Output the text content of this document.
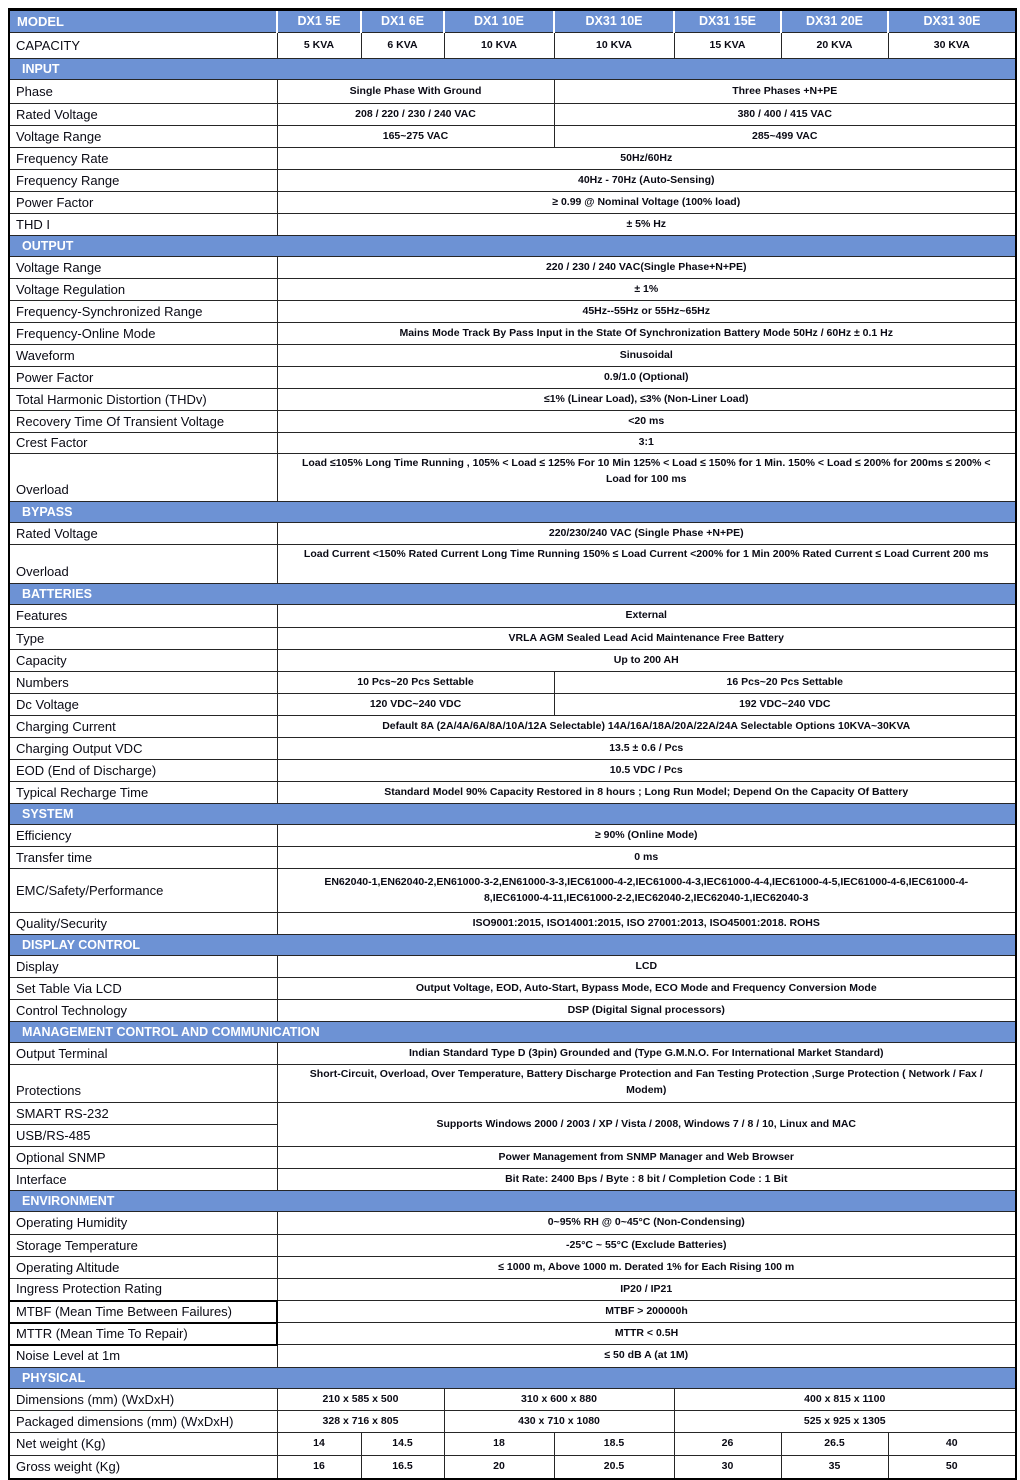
MODEL	DX1 5E	DX1 6E	DX1 10E	DX31 10E	DX31 15E	DX31 20E	DX31 30E
CAPACITY	5 KVA	6 KVA	10 KVA	10 KVA	15 KVA	20 KVA	30 KVA
INPUT							
Phase	Single Phase With Ground			Three Phases +N+PE			
Rated Voltage	208 / 220 / 230 / 240 VAC			380 / 400 / 415 VAC			
Voltage Range	165~275 VAC			285~499 VAC			
Frequency Rate	50Hz/60Hz						
Frequency Range	40Hz - 70Hz (Auto-Sensing)						
Power Factor	≥ 0.99 @ Nominal Voltage (100% load)						
THD I	± 5% Hz						
OUTPUT							
Voltage Range	220 / 230 / 240 VAC(Single Phase+N+PE)						
Voltage Regulation	± 1%						
Frequency-Synchronized Range	45Hz--55Hz or 55Hz~65Hz						
Frequency-Online Mode	Mains Mode Track By Pass Input in the State Of Synchronization Battery Mode 50Hz / 60Hz ± 0.1 Hz						
Waveform	Sinusoidal						
Power Factor	0.9/1.0 (Optional)						
Total Harmonic Distortion (THDv)	≤1% (Linear Load), ≤3% (Non-Liner Load)						
Recovery Time Of Transient Voltage	<20 ms						
Crest Factor	3:1						
Overload	Load ≤105% Long Time Running , 105% < Load ≤ 125% For 10 Min 125% < Load ≤ 150% for 1 Min. 150% < Load ≤ 200% for 200ms ≤ 200% < Load for 100 ms						
BYPASS							
Rated Voltage	220/230/240 VAC (Single Phase +N+PE)						
Overload	Load Current <150% Rated Current Long Time Running 150% ≤ Load Current <200% for 1 Min 200% Rated Current ≤ Load Current 200 ms						
BATTERIES							
Features	External						
Type	VRLA AGM Sealed Lead Acid Maintenance Free Battery						
Capacity	Up to 200 AH						
Numbers	10 Pcs~20 Pcs Settable			16 Pcs~20 Pcs Settable			
Dc Voltage	120 VDC~240 VDC			192 VDC~240 VDC			
Charging Current	Default 8A (2A/4A/6A/8A/10A/12A Selectable) 14A/16A/18A/20A/22A/24A Selectable Options 10KVA~30KVA						
Charging Output VDC	13.5 ± 0.6 / Pcs						
EOD (End of Discharge)	10.5 VDC / Pcs						
Typical Recharge Time	Standard Model 90% Capacity Restored in 8 hours ; Long Run Model; Depend On the Capacity Of Battery						
SYSTEM							
Efficiency	≥ 90% (Online Mode)						
Transfer time	0 ms						
EMC/Safety/Performance	EN62040-1,EN62040-2,EN61000-3-2,EN61000-3-3,IEC61000-4-2,IEC61000-4-3,IEC61000-4-4,IEC61000-4-5,IEC61000-4-6,IEC61000-4-8,IEC61000-4-11,IEC61000-2-2,IEC62040-2,IEC62040-1,IEC62040-3						
Quality/Security	ISO9001:2015, ISO14001:2015, ISO 27001:2013, ISO45001:2018. ROHS						
DISPLAY CONTROL							
Display	LCD						
Set Table Via LCD	Output Voltage, EOD, Auto-Start, Bypass Mode, ECO Mode and Frequency Conversion Mode						
Control Technology	DSP (Digital Signal processors)						
MANAGEMENT CONTROL AND COMMUNICATION							
Output Terminal	Indian Standard Type D (3pin) Grounded and (Type G.M.N.O. For International Market Standard)						
Protections	Short-Circuit, Overload, Over Temperature, Battery Discharge Protection and Fan Testing Protection ,Surge Protection ( Network / Fax / Modem)						
SMART RS-232	Supports Windows 2000 / 2003 / XP / Vista / 2008, Windows 7 / 8 / 10, Linux and MAC						
USB/RS-485							
Optional SNMP	Power Management from SNMP Manager and Web Browser						
Interface	Bit Rate: 2400 Bps / Byte : 8 bit / Completion Code : 1 Bit						
ENVIRONMENT							
Operating Humidity	0~95% RH @ 0~45°C (Non-Condensing)						
Storage Temperature	-25°C ~ 55°C (Exclude Batteries)						
Operating Altitude	≤ 1000 m, Above 1000 m. Derated 1% for Each Rising 100 m						
Ingress Protection Rating	IP20 / IP21						
MTBF (Mean Time Between Failures)	MTBF > 200000h						
MTTR (Mean Time To Repair)	MTTR < 0.5H						
Noise Level at 1m	≤ 50 dB A (at 1M)						
PHYSICAL							
Dimensions (mm) (WxDxH)	210 x 585 x 500		310 x 600 x 880		400 x 815 x 1100		
Packaged dimensions (mm) (WxDxH)	328 x 716 x 805		430 x 710 x 1080		525 x 925 x 1305		
Net weight (Kg)	14	14.5	18	18.5	26	26.5	40
Gross weight (Kg)	16	16.5	20	20.5	30	35	50
